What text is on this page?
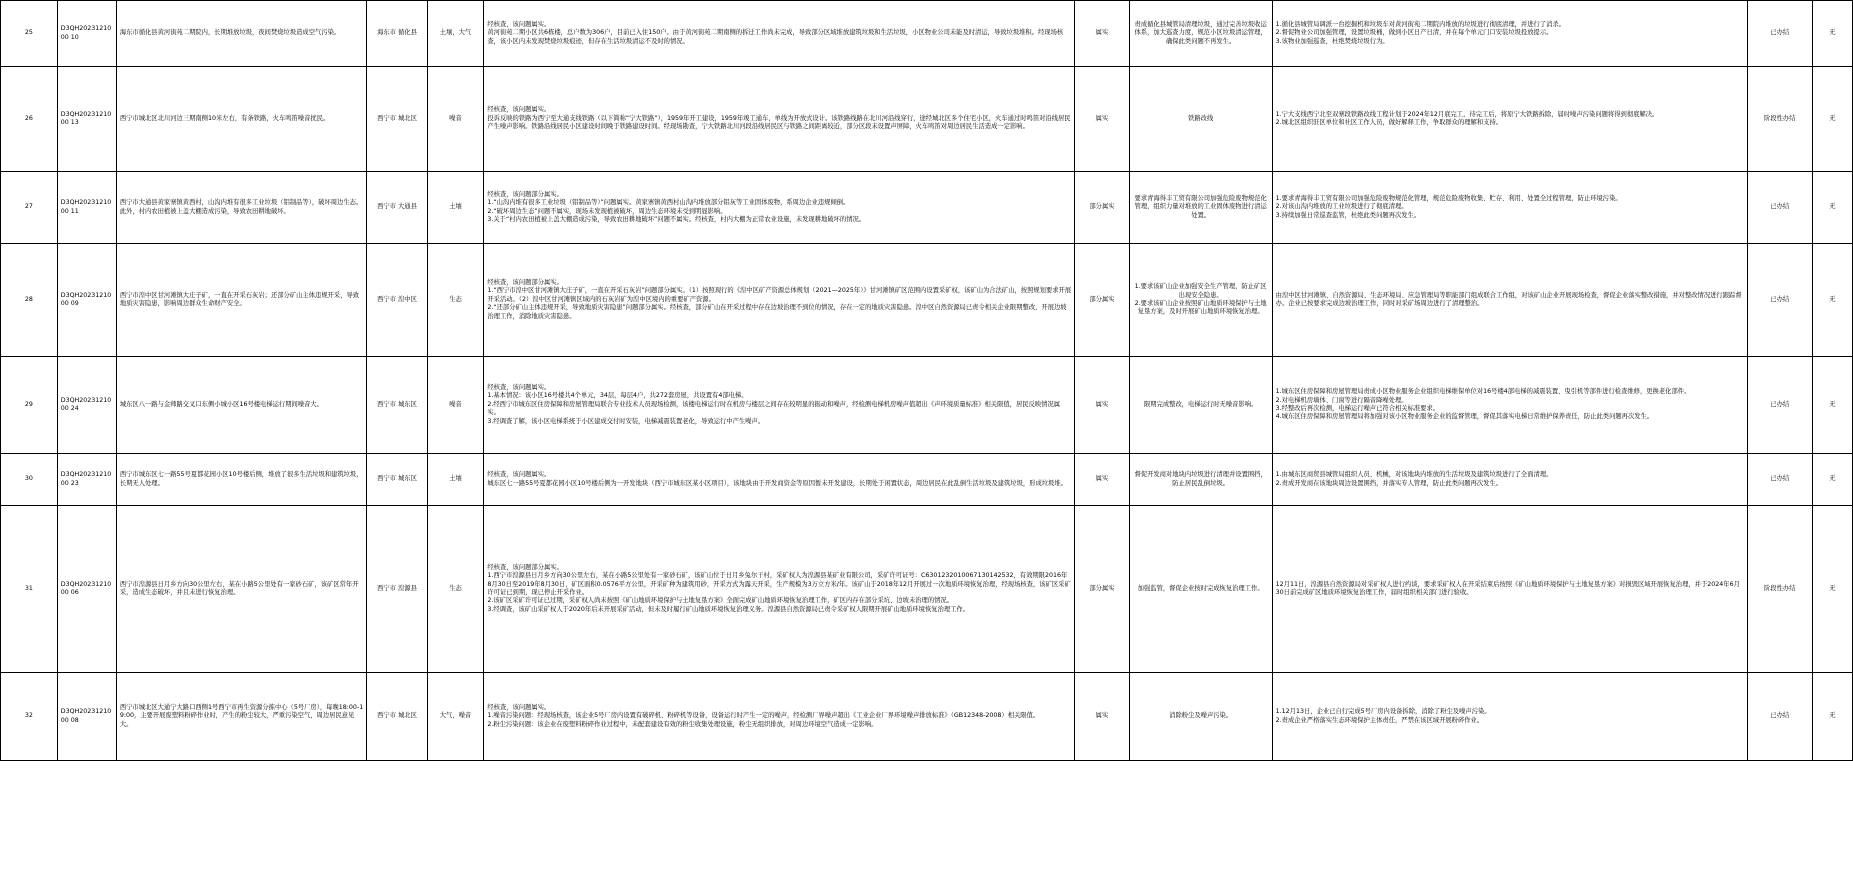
25	D3QH2023121000 10	海东市循化县黄河街苑二期院内，长期堆放垃圾，夜间焚烧垃圾造成空气污染。	海东市 循化县	土壤，大气	经核查，该问题属实。
黄河街苑二期小区共6栋楼，总户数为306户，目前已入住150户。由于黄河街苑二期南侧的拆迁工作尚未完成，导致部分区域堆放建筑垃圾和生活垃圾，小区物业公司未能及时清运，导致垃圾堆积。经现场核查，该小区内未发现焚烧垃圾痕迹，但存在生活垃圾清运不及时的情况。	属实	责成循化县城管局清理垃圾，通过完善垃圾收运体系，加大巡查力度，规范小区垃圾清运管理，确保此类问题不再发生。	1.循化县城管局调派一台挖掘机和垃圾车对黄河街苑二期院内堆放的垃圾进行彻底清理，并进行了消杀。
2.督促物业公司加强管理，设置垃圾桶，做到小区日产日清，并在每个单元门口安装垃圾投放提示。
3.该物业加强巡查，杜绝焚烧垃圾行为。	已办结	无
26	D3QH2023121000 13	西宁市城北区北川河边三期南侧10米左右，有条铁路，火车鸣笛噪音扰民。	西宁市 城北区	噪音	经核查，该问题属实。
投诉反映的铁路为西宁至大通支线铁路（以下简称“宁大铁路”），1959年开工建设，1959年竣工通车，单线为开放式设计。该铁路线路在北川河沿线穿行，途经城北区多个住宅小区，火车通过时鸣笛对沿线居民产生噪声影响。铁路沿线居民小区建设时间晚于铁路建设时间。经现场勘查，宁大铁路北川河段沿线居民区与铁路之间距离较近，部分区段未设置声屏障，火车鸣笛对周边居民生活造成一定影响。	属实	铁路改线	1.宁大支线西宁北至双寨段铁路改线工程计划于2024年12月底完工，待完工后，将原宁大铁路拆除，届时噪声污染问题将得到彻底解决。
2.城北区组织驻区单位和社区工作人员，做好解释工作，争取群众的理解和支持。	阶段性办结	无
27	D3QH2023121000 11	西宁市大通县黄家寨镇黄西村，山沟内堆有很多工业垃圾（铝制品等），破坏周边生态。此外，村内农田植被上盖大棚造成污染，导致农田耕地破坏。	西宁市 大通县	土壤	经核查，该问题部分属实。
1.“山沟内堆有很多工业垃圾（铝制品等）”问题属实。黄家寨镇黄西村山沟内堆放部分铝灰等工业固体废物，系周边企业违规倾倒。
2.“破坏周边生态”问题不属实，现场未发现植被破坏，周边生态环境未受到明显影响。
3.关于“村内农田植被上盖大棚造成污染，导致农田耕地破坏”问题不属实。经核查，村内大棚为正常农业设施，未发现耕地破坏的情况。	部分属实	要求青海得丰工贸有限公司加强危险废物规范化管理，组织力量对堆放的工业固体废物进行清运处置。	1.要求青海得丰工贸有限公司加强危险废物规范化管理，规范危险废物收集、贮存、利用、处置全过程管理，防止环境污染。
2.对该山沟内堆放的工业垃圾进行了彻底清理。
3.持续加强日常巡查监管，杜绝此类问题再次发生。	已办结	无
28	D3QH2023121000 09	西宁市湟中区甘河滩镇大庄子矿，一直在开采石灰岩；还部分矿山主体违规开采，导致地质灾害隐患，影响周边群众生命财产安全。	西宁市 湟中区	生态	经核查，该问题部分属实。
1.“西宁市湟中区甘河滩镇大庄子矿，一直在开采石灰岩”问题部分属实。（1）按照现行的《湟中区矿产资源总体规划（2021—2025年）》甘河滩镇矿区范围内设置采矿权，该矿山为合法矿山，按照规划要求开展开采活动。（2）湟中区甘河滩镇区域内的石灰岩矿为湟中区境内的重要矿产资源。
2.“还部分矿山主体违规开采，导致地质灾害隐患”问题部分属实。经核查，部分矿山在开采过程中存在边坡治理不到位的情况，存在一定的地质灾害隐患。湟中区自然资源局已责令相关企业限期整改，开展边坡治理工作，消除地质灾害隐患。	部分属实	1.要求该矿山企业加强安全生产管理，防止矿区出现安全隐患。
2.要求该矿山企业按照矿山地质环境保护与土地复垦方案，及时开展矿山地质环境恢复治理。	由湟中区甘河滩镇、自然资源局、生态环境局、应急管理局等职能部门组成联合工作组，对该矿山企业开展现场检查，督促企业落实整改措施，并对整改情况进行跟踪督办。企业已按要求完成边坡治理工作，同时对采矿场周边进行了清理整治。	已办结	无
29	D3QH2023121000 24	城东区八一路与金师路交叉口东侧小城小区16号楼电梯运行期间噪音大。	西宁市 城东区	噪音	经核查，该问题属实。
1.基本情况：该小区16号楼共4个单元，34层，每层4户，共272套房屋，共设置有4部电梯。
2.经西宁市城东区住房保障和房屋管理局联合专业技术人员现场检测，该楼电梯运行时在机房与楼层之间存在较明显的振动和噪声，经检测电梯机房噪声值超出《声环境质量标准》相关限值，居民反映情况属实。
3.经调查了解，该小区电梯系统于小区建成交付时安装，电梯减震装置老化，导致运行中产生噪声。	属实	限期完成整改，电梯运行时无噪音影响。	1.城东区住房保障和房屋管理局责成小区物业服务企业组织电梯维保单位对16号楼4部电梯的减震装置、曳引机等部件进行检查维修，更换老化部件。
2.对电梯机房墙体、门窗等进行隔音降噪处理。
3.经整改后再次检测，电梯运行噪声已符合相关标准要求。
4.城东区住房保障和房屋管理局将加强对该小区物业服务企业的监督管理，督促其落实电梯日常维护保养责任，防止此类问题再次发生。	已办结	无
30	D3QH2023121000 23	西宁市城东区七一路55号夏都花园小区10号楼后侧，堆放了很多生活垃圾和建筑垃圾，长期无人处理。	西宁市 城东区	土壤	经核查，该问题属实。
城东区七一路55号夏都花园小区10号楼后侧为一开发地块（西宁市城东区某小区项目），该地块由于开发商资金等原因暂未开发建设，长期处于闲置状态，周边居民在此乱倒生活垃圾及建筑垃圾，形成垃圾堆。	属实	督促开发商对地块内垃圾进行清理并设置围挡，防止居民乱倒垃圾。	1.由城东区商贸县城管局组织人员、机械，对该地块内堆放的生活垃圾及建筑垃圾进行了全面清理。
2.责成开发商在该地块周边设置围挡，并落实专人管理，防止此类问题再次发生。	已办结	无
31	D3QH2023121000 06	西宁市湟源县日月乡方向30公里左右，某在小路5公里处有一家砂石矿，该矿区常年开采，造成生态破坏，并且未进行恢复治理。	西宁市 湟源县	生态	经核查，该问题部分属实。
1.西宁市湟源县日月乡方向30公里左右，某在小路5公里处有一家砂石矿，该矿山位于日月乡兔尔干村，采矿权人为湟源县某矿业有限公司，采矿许可证号：C6301232010067130142532，有效期限2016年8月30日至2019年8月30日，矿区面积0.0576平方公里，开采矿种为建筑用砂，开采方式为露天开采，生产规模为3万立方米/年。该矿山于2018年12月开展过一次地质环境恢复治理，经现场核查，该矿区采矿许可证已到期，现已停止开采作业。
2.该矿区采矿许可证已过期，采矿权人尚未按照《矿山地质环境保护与土地复垦方案》全面完成矿山地质环境恢复治理工作，矿区内存在部分采坑、边坡未治理的情况。
3.经调查，该矿山采矿权人于2020年后未开展采矿活动，但未及时履行矿山地质环境恢复治理义务。湟源县自然资源局已责令采矿权人限期开展矿山地质环境恢复治理工作。	部分属实	加强监管，督促企业按时完成恢复治理工作。	12月11日，湟源县自然资源局对采矿权人进行约谈，要求采矿权人在开采结束后按照《矿山地质环境保护与土地复垦方案》对损毁区域开展恢复治理，并于2024年6月30日前完成矿区地质环境恢复治理工作，届时组织相关部门进行验收。	阶段性办结	无
32	D3QH2023121000 08	西宁市城北区大通宁大路口西侧1号西宁市再生资源分拣中心（5号厂房），每晚18:00-19:00，主要开展废塑料粉碎作业时，产生的粉尘较大，严重污染空气，周边居民意见大。	西宁市 城北区	大气，噪音	经核查，该问题属实。
1.噪音污染问题：经现场核查，该企业5号厂房内设置有破碎机、粉碎机等设备，设备运行时产生一定的噪声，经检测厂界噪声超出《工业企业厂界环境噪声排放标准》（GB12348-2008）相关限值。
2.粉尘污染问题：该企业在废塑料粉碎作业过程中，未配套建设有效的粉尘收集处理设施，粉尘无组织排放，对周边环境空气造成一定影响。	属实	消除粉尘及噪声污染。	1.12月13日，企业已自行完成5号厂房内设备拆除，消除了粉尘及噪声污染。
2.责成企业严格落实生态环境保护主体责任，严禁在该区域开展粉碎作业。	已办结	无
